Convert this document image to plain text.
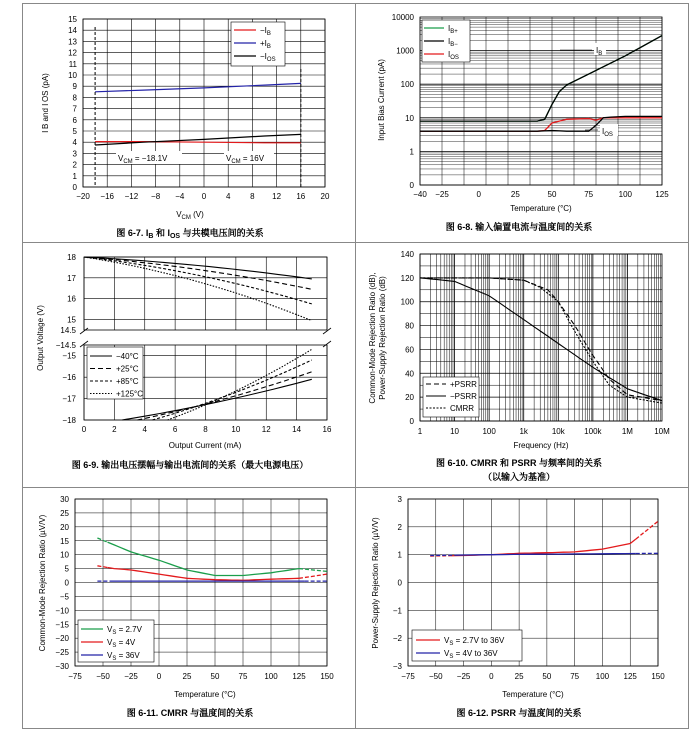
0
1
2
3
4
5
6
7
8
9
10
11
12
13
14
15
−20 −16 −12 −8 −4 0 4 8 12 16 20
$V_{CM}$ (V)
I B and I OS (pA)
$-I_B$
$+I_B$
$-I_{OS}$
$V_{CM} = -18.1V$	$V_{CM} = 16V$
图 6-7. $I_B$ 和 $I_{OS}$ 与共模电压间的关系
0
1
10
100
1000
10000
−40 −25	0	25	50	75	100	125
Temperature (°C)
Input Bias Current (pA)
$I_{B+}$
$I_{B-}$
$I_{OS}$
$I_B$
$I_{OS}$
图 6-8. 输入偏置电流与温度间的关系
18
17
16
15
14.5
−14.5
−15
−16
−17
−18
0	2	4	6	8	10	12	14	16
Output Current (mA)
Output Voltage (V)	−40°C
+25°C
+85°C
+125°C
图 6-9. 输出电压摆幅与输出电流间的关系（最大电源电压）
0
20
40
60
80
100
120
140
1	10	100	1k	10k 100k	1M	10M
Frequency (Hz)
Common-Mode Rejection Ratio (dB), Power-Supply Rejection Ratio (dB)	+PSRR
−PSRR
CMRR
图 6-10. CMRR 和 PSRR 与频率间的关系
（以输入为基准）
−30
−25
−20
−15
−10
−5
0
5
10
15
20
25
30
−75 −50 −25 0	25 50 75 100 125 150
Temperature (°C)
Common-Mode Rejection Ratio (µV/V)	$V_S = 2.7V$
$V_S = 4V$
$V_S = 36V$
图 6-11. CMRR 与温度间的关系
−3
−2
−1
0
1
2
3
−75 −50 −25 0	25 50 75 100 125 150
Temperature (°C)
Power-Supply Rejection Ratio (µV/V)	$V_S = 2.7V$ to 36V
$V_S = 4V$ to 36V
图 6-12. PSRR 与温度间的关系
